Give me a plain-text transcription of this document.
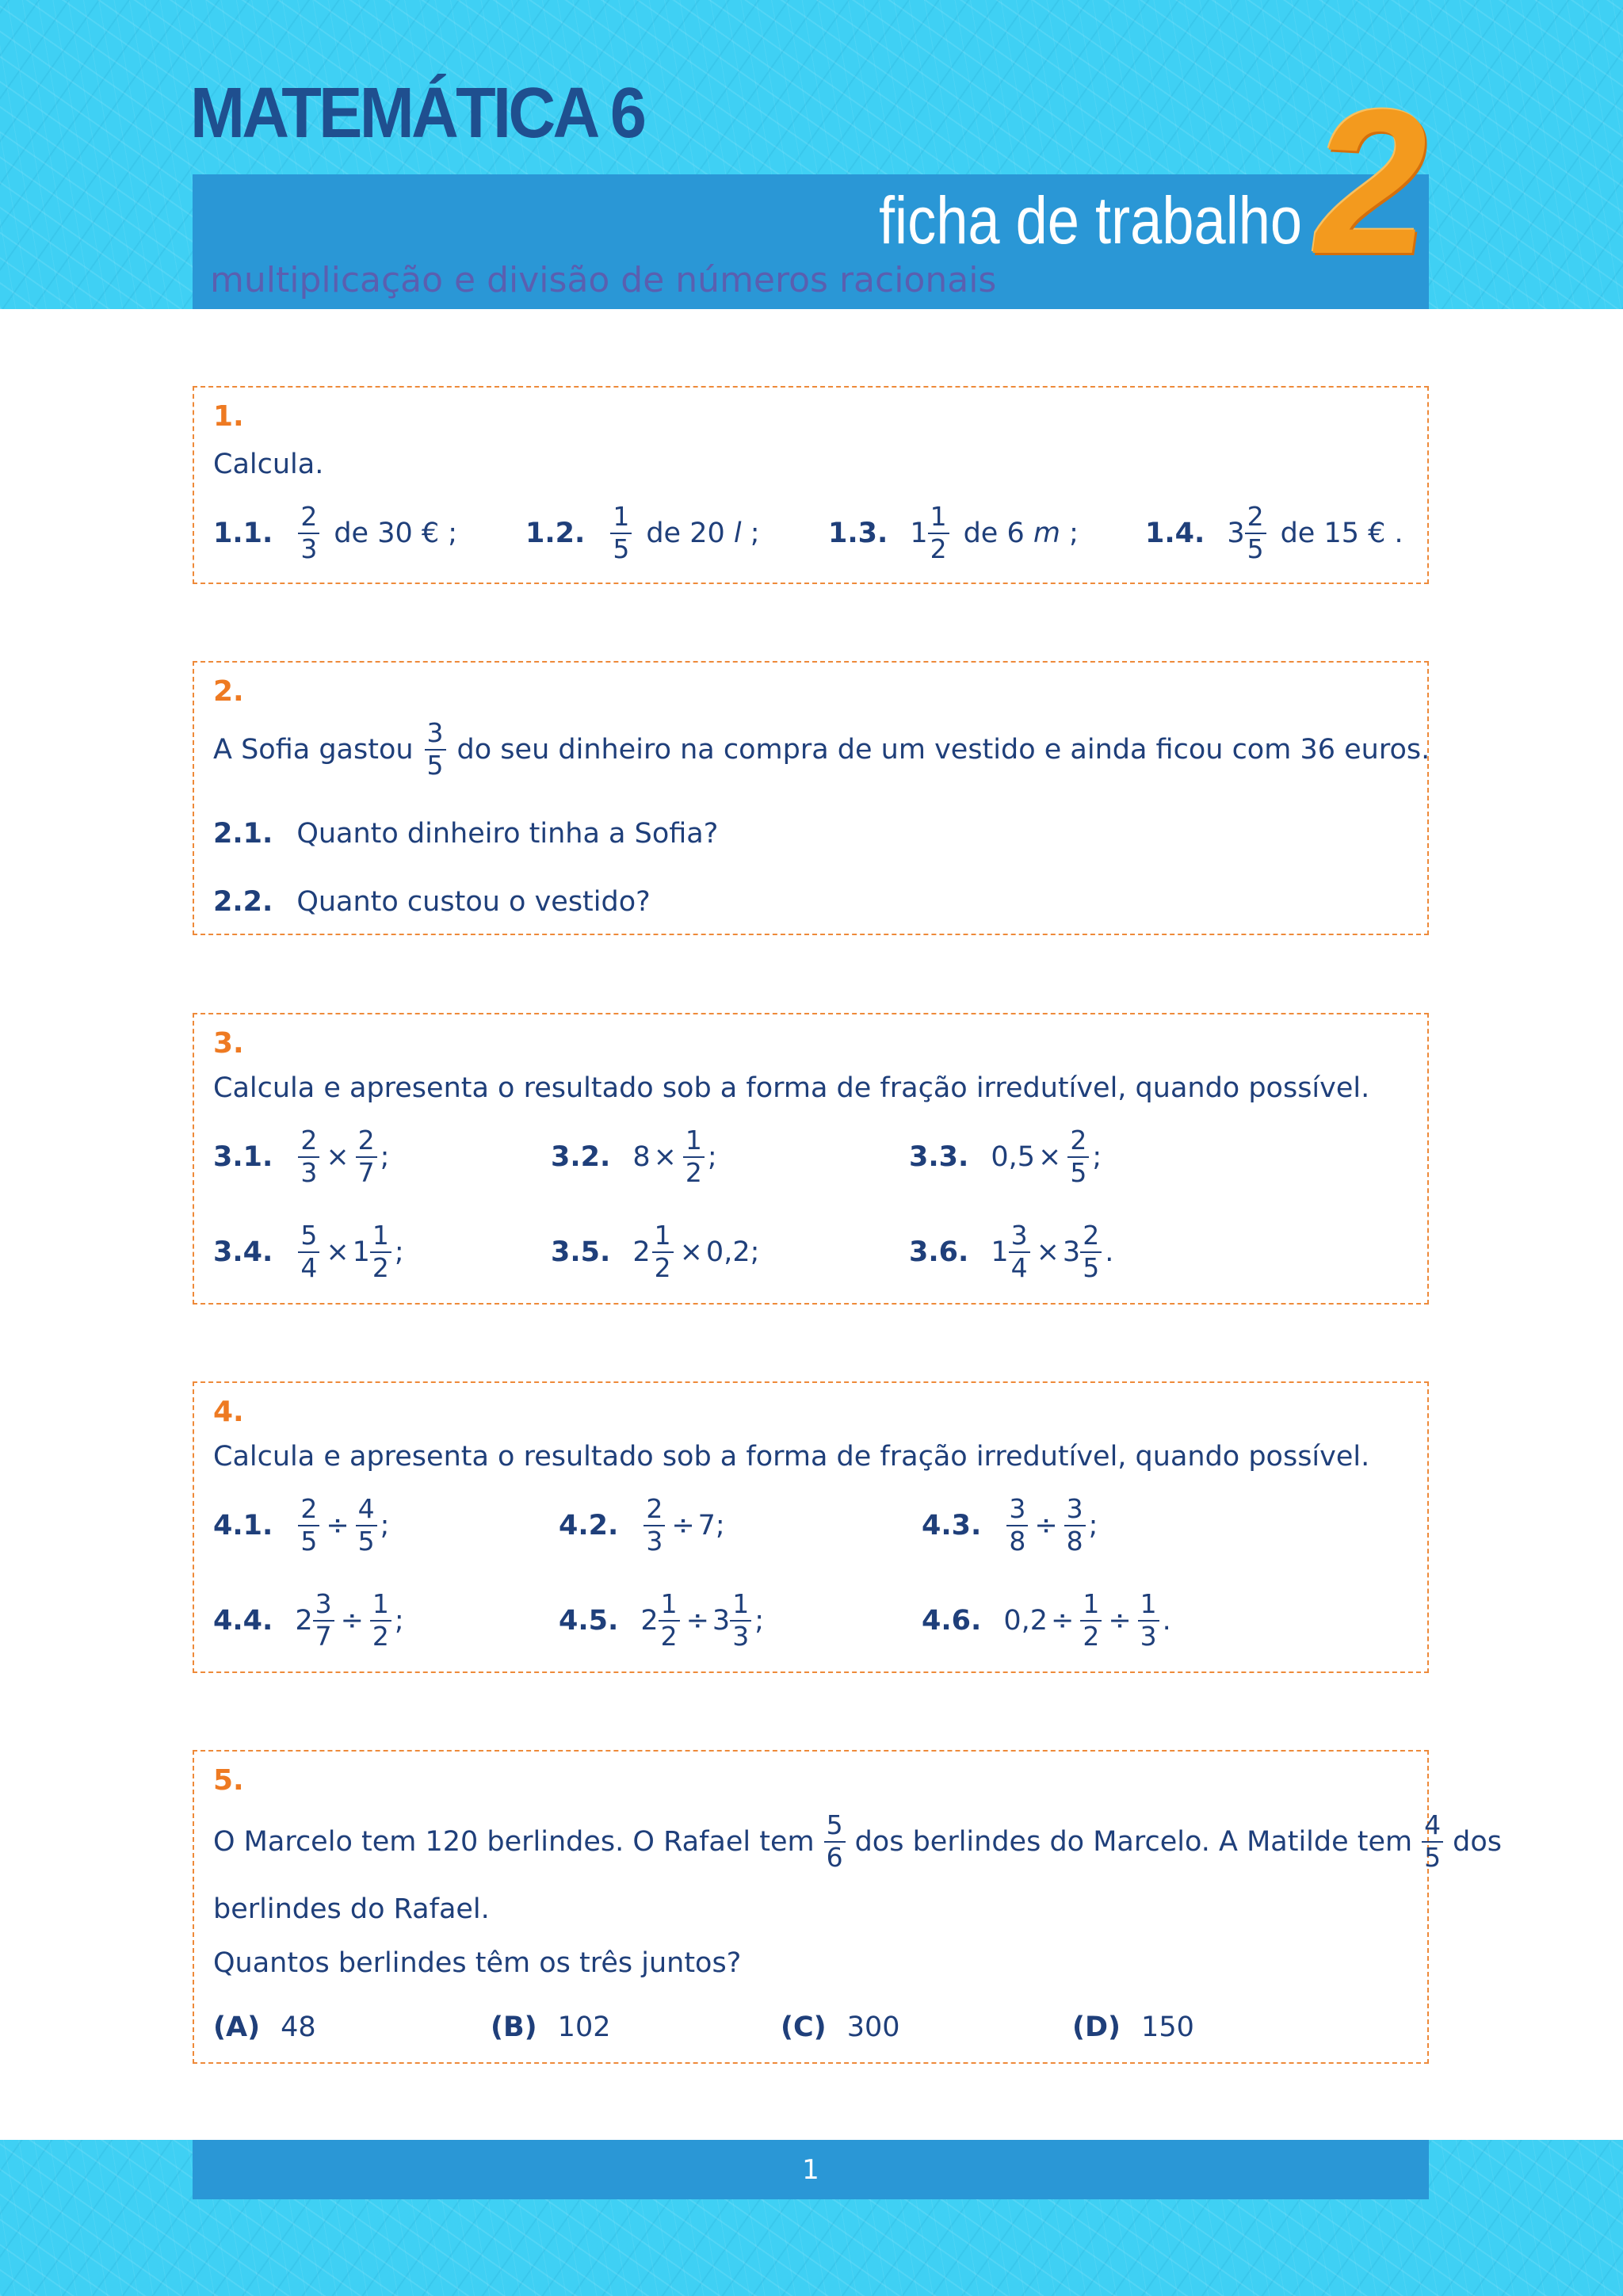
MATEMÁTICA 6
ficha de trabalho
2
multiplicação e divisão de números racionais
1.
Calcula.
1.1. $\frac{2}{3}$ de 30 € ; 1.2. $\frac{1}{5}$ de 20 l ; 1.3. $1 \frac{1}{2}$ de 6 m ; 1.4. $3 \frac{2}{5}$ de 15 € .
2.
A Sofia gastou $\frac{3}{5}$ do seu dinheiro na compra de um vestido e ainda ficou com 36 euros.
2.1. Quanto dinheiro tinha a Sofia?
2.2. Quanto custou o vestido?
3.
Calcula e apresenta o resultado sob a forma de fração irredutível, quando possível.
3.1. $\frac{2}{3} \times \frac{2}{7}$ ;	3.2. $8 \times \frac{1}{2}$ ;	3.3. $0,5 \times \frac{2}{5}$ ;
3.4. $\frac{5}{4} \times 1 \frac{1}{2}$ ;	3.5. $2 \frac{1}{2} \times 0,2$ ;	3.6. $1 \frac{3}{4} \times 3 \frac{2}{5}$ .
4.
Calcula e apresenta o resultado sob a forma de fração irredutível, quando possível.
4.1. $\frac{2}{5} \div \frac{4}{5}$ ;	4.2. $\frac{2}{3} \div 7$ ;	4.3. $\frac{3}{8} \div \frac{3}{8}$ ;
4.4. $2 \frac{3}{7} \div \frac{1}{2}$ ;	4.5. $2 \frac{1}{2} \div 3 \frac{1}{3}$ ;	4.6. $0,2 \div \frac{1}{2} \div \frac{1}{3}$ .
5.
O Marcelo tem 120 berlindes. O Rafael tem $\frac{5}{6}$ dos berlindes do Marcelo. A Matilde tem $\frac{4}{5}$ dos
berlindes do Rafael.
Quantos berlindes têm os três juntos?
(A) 48	(B) 102	(C) 300	(D) 150
1
